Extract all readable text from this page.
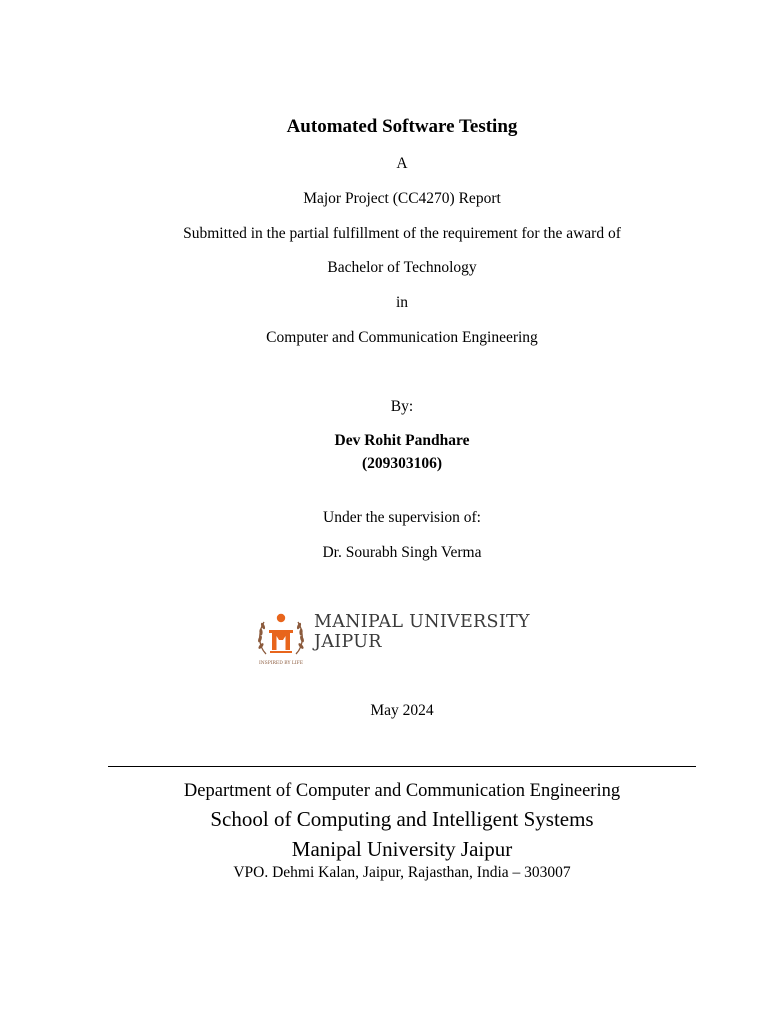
Automated Software Testing
A
Major Project (CC4270) Report
Submitted in the partial fulfillment of the requirement for the award of
Bachelor of Technology
in
Computer and Communication Engineering
By:
Dev Rohit Pandhare
(209303106)
Under the supervision of:
Dr. Sourabh Singh Verma
INSPIRED BY LIFE
MANIPAL UNIVERSITY
JAIPUR
May 2024
Department of Computer and Communication Engineering
School of Computing and Intelligent Systems
Manipal University Jaipur
VPO. Dehmi Kalan, Jaipur, Rajasthan, India – 303007
